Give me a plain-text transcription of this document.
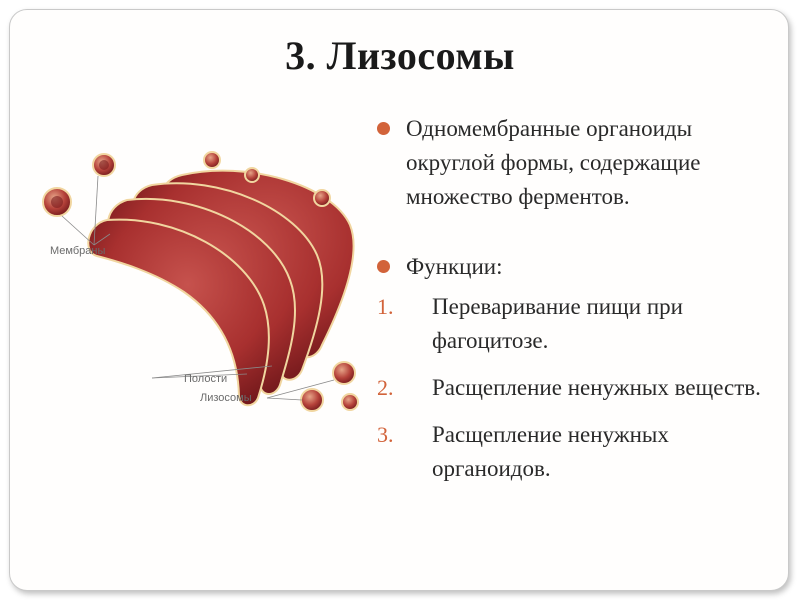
3. Лизосомы
Мембраны
Полости
Лизосомы
Одномембранные органоиды округлой формы, содержащие множество ферментов.
Функции:
1. Переваривание пищи при фагоцитозе.
2. Расщепление ненужных веществ.
3. Расщепление ненужных органоидов.
